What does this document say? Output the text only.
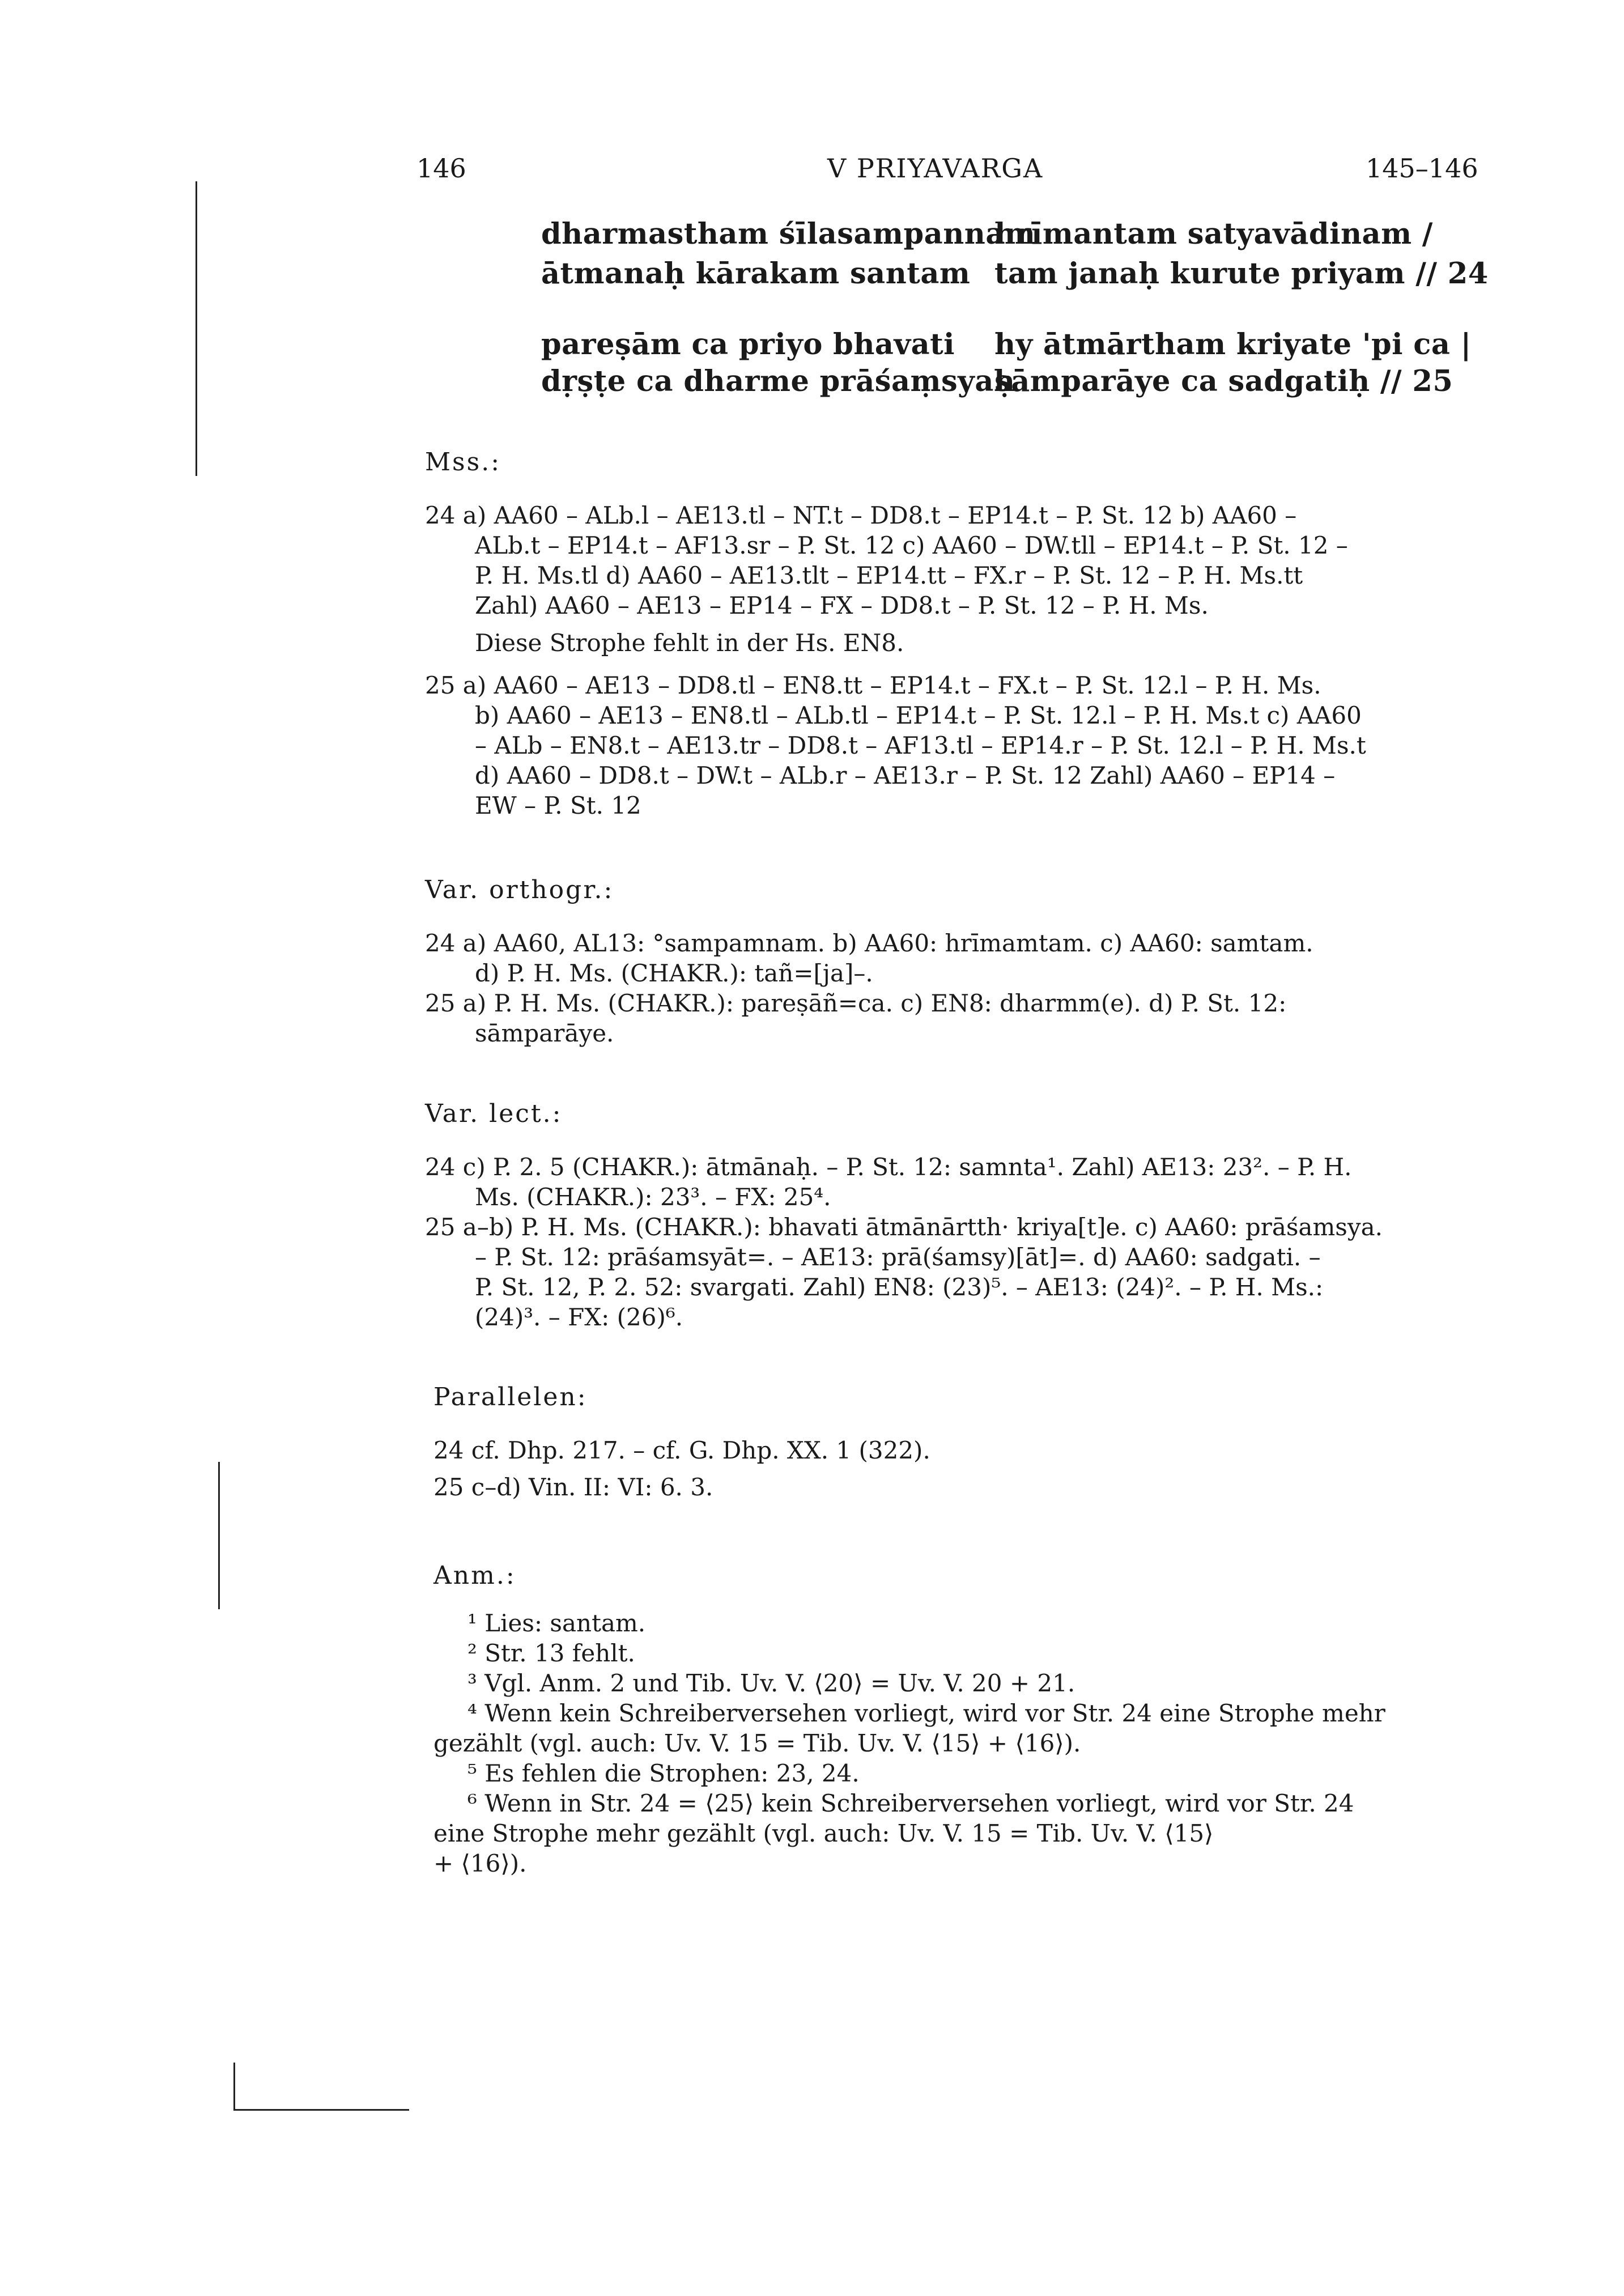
146	V PRIYAVARGA	145–146
dharmastham śīlasampannam
hrīmantam satyavādinam /
ātmanaḥ kārakam santam tam janaḥ kurute priyam // 24
pareṣām ca priyo bhavati hy ātmārtham kriyate 'pi ca |
dṛṣṭe ca dharme prāśaṃsyaḥ
sāmparāye ca sadgatiḥ // 25
Mss.:
24 a) AA60 – ALb.l – AE13.tl – NT.t – DD8.t – EP14.t – P. St. 12 b) AA60 –
ALb.t – EP14.t – AF13.sr – P. St. 12 c) AA60 – DW.tll – EP14.t – P. St. 12 –
P. H. Ms.tl d) AA60 – AE13.tlt – EP14.tt – FX.r – P. St. 12 – P. H. Ms.tt
Zahl) AA60 – AE13 – EP14 – FX – DD8.t – P. St. 12 – P. H. Ms.
Diese Strophe fehlt in der Hs. EN8.
25 a) AA60 – AE13 – DD8.tl – EN8.tt – EP14.t – FX.t – P. St. 12.l – P. H. Ms.
b) AA60 – AE13 – EN8.tl – ALb.tl – EP14.t – P. St. 12.l – P. H. Ms.t c) AA60
– ALb – EN8.t – AE13.tr – DD8.t – AF13.tl – EP14.r – P. St. 12.l – P. H. Ms.t
d) AA60 – DD8.t – DW.t – ALb.r – AE13.r – P. St. 12 Zahl) AA60 – EP14 –
EW – P. St. 12
Var. orthogr.:
24 a) AA60, AL13: °sampamnam. b) AA60: hrīmamtam. c) AA60: samtam.
d) P. H. Ms. (CHAKR.): tañ=[ja]–.
25 a) P. H. Ms. (CHAKR.): pareṣāñ=ca. c) EN8: dharmm(e). d) P. St. 12:
sāmparāye.
Var. lect.:
24 c) P. 2. 5 (CHAKR.): ātmānaḥ. – P. St. 12: samnta¹. Zahl) AE13: 23². – P. H.
Ms. (CHAKR.): 23³. – FX: 25⁴.
25 a–b) P. H. Ms. (CHAKR.): bhavati ātmānārtth· kriya[t]e. c) AA60: prāśamsya.
– P. St. 12: prāśamsyāt=. – AE13: prā(śamsy)[āt]=. d) AA60: sadgati. –
P. St. 12, P. 2. 52: svargati. Zahl) EN8: (23)⁵. – AE13: (24)². – P. H. Ms.:
(24)³. – FX: (26)⁶.
Parallelen:
24 cf. Dhp. 217. – cf. G. Dhp. XX. 1 (322).
25 c–d) Vin. II: VI: 6. 3.
Anm.:
¹ Lies: santam.
² Str. 13 fehlt.
³ Vgl. Anm. 2 und Tib. Uv. V. ⟨20⟩ = Uv. V. 20 + 21.
⁴ Wenn kein Schreiberversehen vorliegt, wird vor Str. 24 eine Strophe mehr
gezählt (vgl. auch: Uv. V. 15 = Tib. Uv. V. ⟨15⟩ + ⟨16⟩).
⁵ Es fehlen die Strophen: 23, 24.
⁶ Wenn in Str. 24 = ⟨25⟩ kein Schreiberversehen vorliegt, wird vor Str. 24
eine Strophe mehr gezählt (vgl. auch: Uv. V. 15 = Tib. Uv. V. ⟨15⟩
+ ⟨16⟩).
